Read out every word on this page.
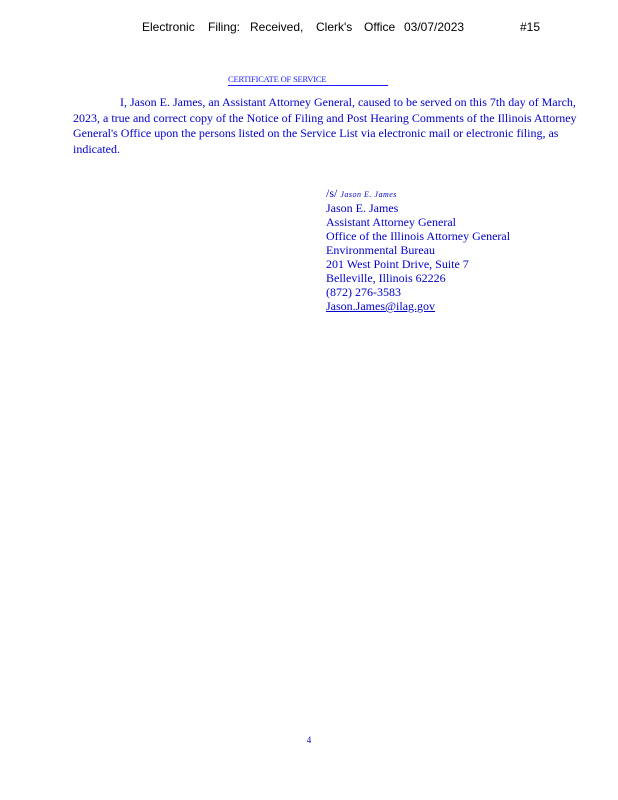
Electronic Filing: Received, Clerk's Office 03/07/2023	#15
CERTIFICATE OF SERVICE

I, Jason E. James, an Assistant Attorney General, caused to be served on this 7th day of March, 2023, a true and correct copy of the Notice of Filing and Post Hearing Comments of the Illinois Attorney General's Office upon the persons listed on the Service List via electronic mail or electronic filing, as indicated.

/s/ Jason E. James
Jason E. James
Assistant Attorney General
Office of the Illinois Attorney General
Environmental Bureau
201 West Point Drive, Suite 7
Belleville, Illinois 62226
(872) 276-3583
Jason.James@ilag.gov
4
